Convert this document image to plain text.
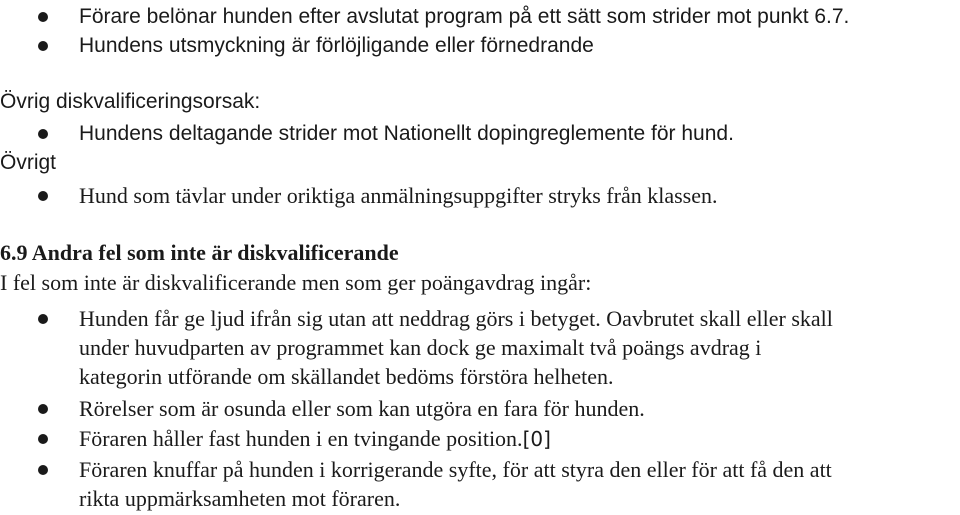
Förare belönar hunden efter avslutat program på ett sätt som strider mot punkt 6.7.
Hundens utsmyckning är förlöjligande eller förnedrande
Övrig diskvalificeringsorsak:
Hundens deltagande strider mot Nationellt dopingreglemente för hund.
Övrigt
Hund som tävlar under oriktiga anmälningsuppgifter stryks från klassen.
6.9 Andra fel som inte är diskvalificerande
I fel som inte är diskvalificerande men som ger poängavdrag ingår:
Hunden får ge ljud ifrån sig utan att neddrag görs i betyget. Oavbrutet skall eller skall
under huvudparten av programmet kan dock ge maximalt två poängs avdrag i
kategorin utförande om skällandet bedöms förstöra helheten.
Rörelser som är osunda eller som kan utgöra en fara för hunden.
Föraren håller fast hunden i en tvingande position.[0]
Föraren knuffar på hunden i korrigerande syfte, för att styra den eller för att få den att
rikta uppmärksamheten mot föraren.
